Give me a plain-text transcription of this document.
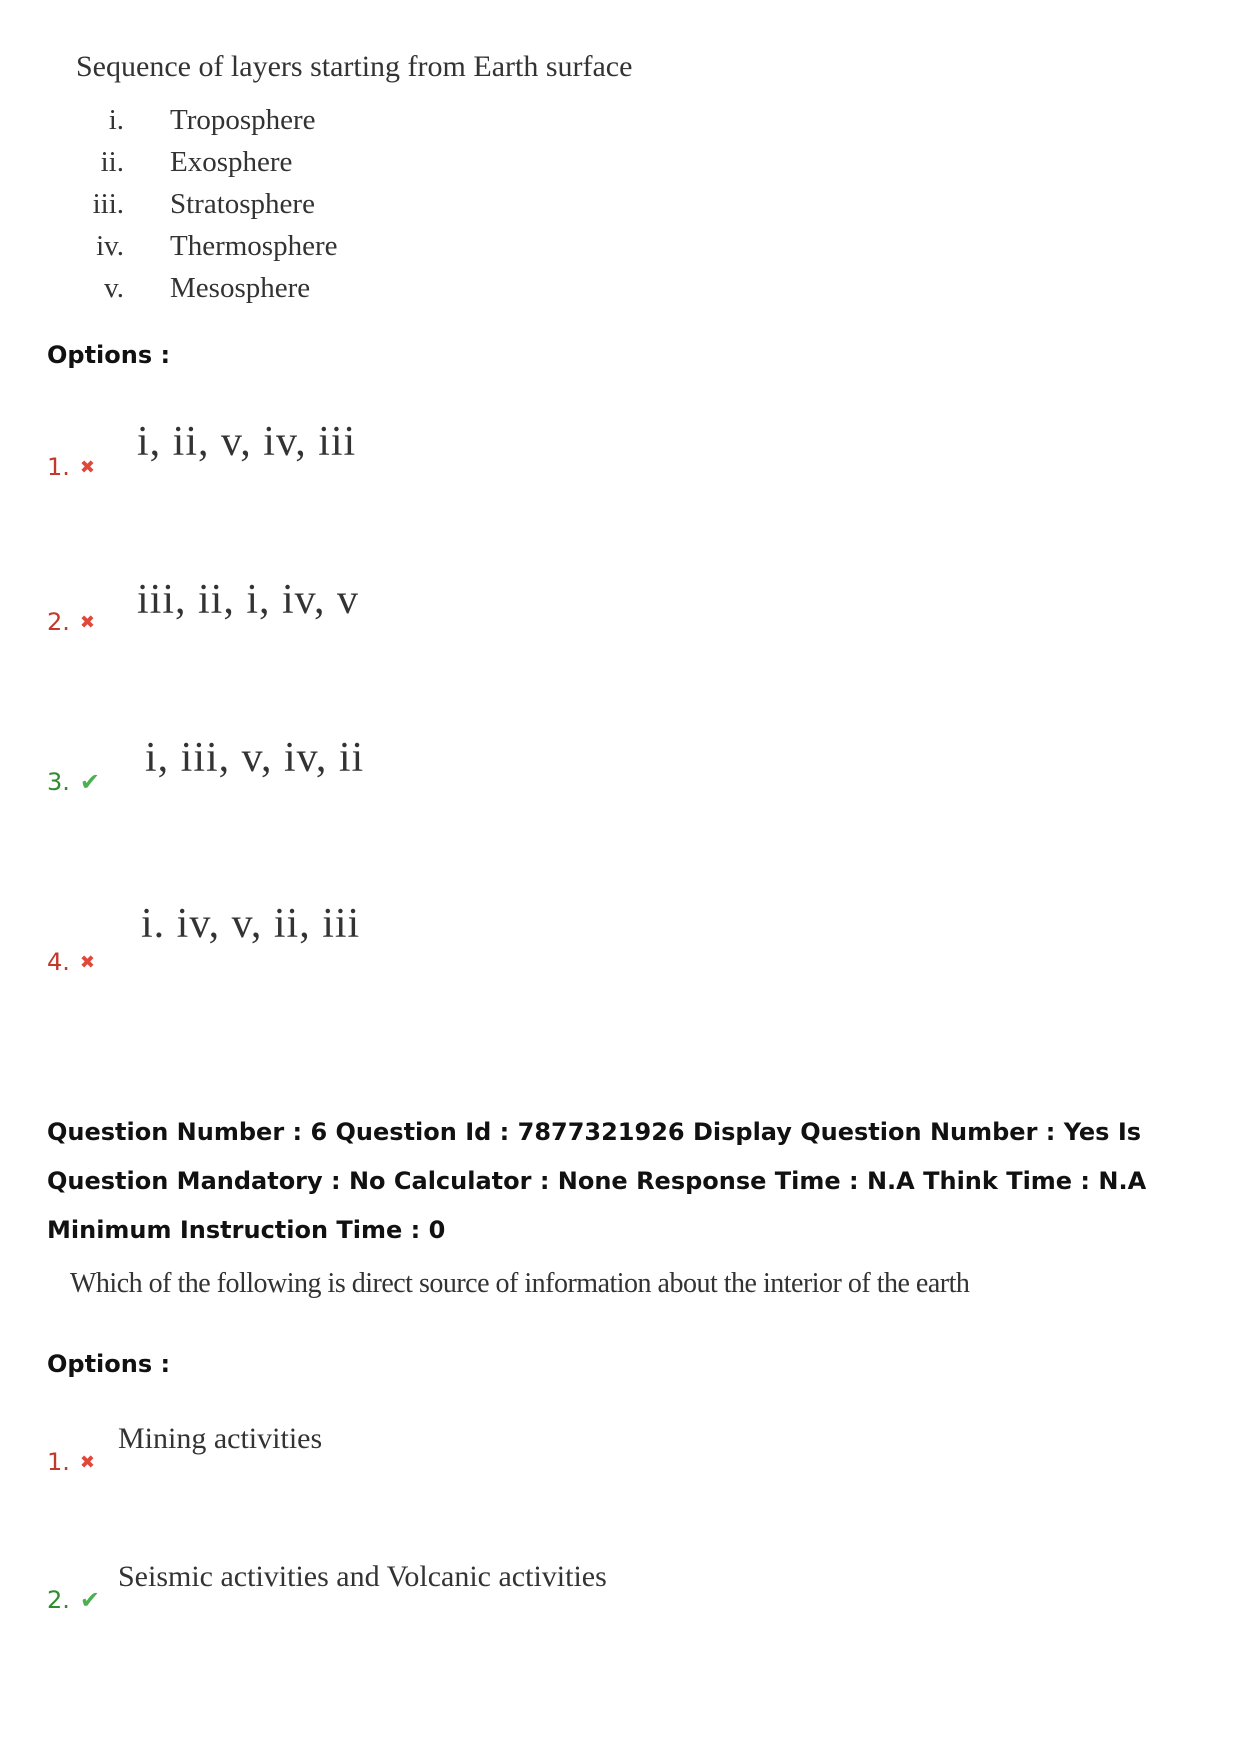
Sequence of layers starting from Earth surface
i.	Troposphere
ii.	Exosphere
iii.	Stratosphere
iv.	Thermosphere
v.	Mesosphere
Options :
i, ii, v, iv, iii
1. ✖
iii, ii, i, iv, v
2. ✖
i, iii, v, iv, ii
3. ✔
i. iv, v, ii, iii
4. ✖
Question Number : 6 Question Id : 7877321926 Display Question Number : Yes Is Question Mandatory : No Calculator : None Response Time : N.A Think Time : N.A Minimum Instruction Time : 0
Which of the following is direct source of information about the interior of the earth
Options :
Mining activities
1. ✖
Seismic activities and Volcanic activities
2. ✔
